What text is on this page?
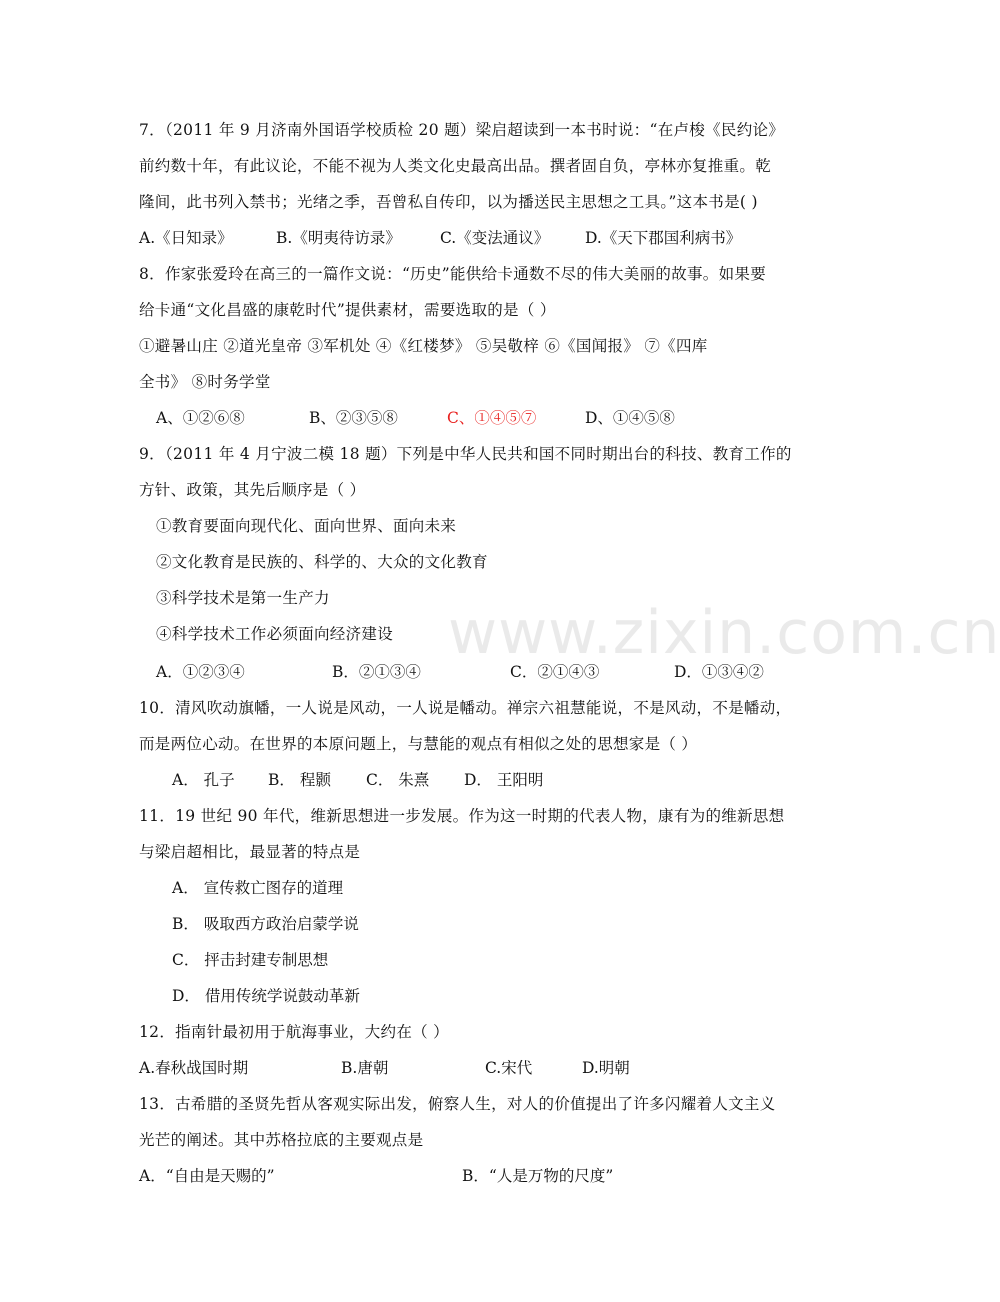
www.zixin.com.cn
7．（2011 年 9 月济南外国语学校质检 20 题）梁启超读到一本书时说：“在卢梭《民约论》
前约数十年，有此议论，不能不视为人类文化史最高出品。撰者固自负，亭林亦复推重。乾
隆间，此书列入禁书；光绪之季，吾曾私自传印，以为播送民主思想之工具。”这本书是( )
A.《日知录》	B.《明夷待访录》	C.《变法通议》 D.《天下郡国利病书》
8．作家张爱玲在高三的一篇作文说：“历史”能供给卡通数不尽的伟大美丽的故事。如果要
给卡通“文化昌盛的康乾时代”提供素材，需要选取的是（ ）
①避暑山庄 ②道光皇帝 ③军机处 ④《红楼梦》 ⑤吴敬梓 ⑥《国闻报》 ⑦《四库
全书》 ⑧时务学堂
A、①②⑥⑧	B、②③⑤⑧	C、①④⑤⑦	D、①④⑤⑧
9．（2011 年 4 月宁波二模 18 题）下列是中华人民共和国不同时期出台的科技、教育工作的
方针、政策，其先后顺序是（ ）
①教育要面向现代化、面向世界、面向未来
②文化教育是民族的、科学的、大众的文化教育
③科学技术是第一生产力
④科学技术工作必须面向经济建设
A．①②③④	B．②①③④	C．②①④③	D．①③④②
10．清风吹动旗幡，一人说是风动，一人说是幡动。禅宗六祖慧能说，不是风动，不是幡动，
而是两位心动。在世界的本原问题上，与慧能的观点有相似之处的思想家是（ ）
A． 孔子 B． 程颢 C． 朱熹 D． 王阳明
11．19 世纪 90 年代，维新思想进一步发展。作为这一时期的代表人物，康有为的维新思想
与梁启超相比，最显著的特点是
A． 宣传救亡图存的道理
B． 吸取西方政治启蒙学说
C． 抨击封建专制思想
D． 借用传统学说鼓动革新
12．指南针最初用于航海事业，大约在（ ）
A.春秋战国时期	B.唐朝	C.宋代	D.明朝
13．古希腊的圣贤先哲从客观实际出发，俯察人生，对人的价值提出了许多闪耀着人文主义
光芒的阐述。其中苏格拉底的主要观点是
A．“自由是天赐的”	B．“人是万物的尺度”
